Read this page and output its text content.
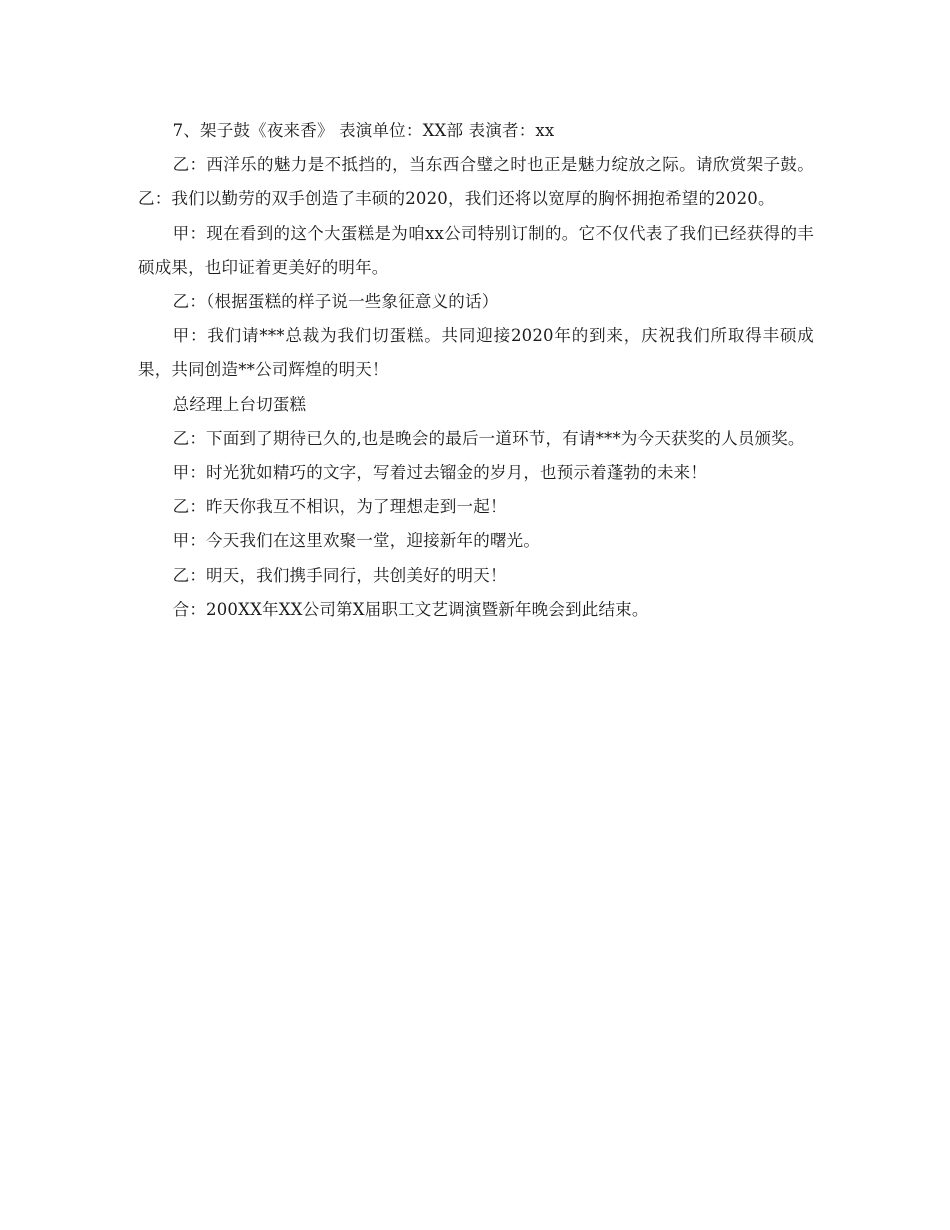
7、架子鼓《夜来香》 表演单位：XX部 表演者：xx

乙：西洋乐的魅力是不抵挡的，当东西合璧之时也正是魅力绽放之际。请欣赏架子鼓。乙：我们以勤劳的双手创造了丰硕的2020，我们还将以宽厚的胸怀拥抱希望的2020。

甲：现在看到的这个大蛋糕是为咱xx公司特别订制的。它不仅代表了我们已经获得的丰硕成果，也印证着更美好的明年。

乙：（根据蛋糕的样子说一些象征意义的话）

甲：我们请***总裁为我们切蛋糕。共同迎接2020年的到来，庆祝我们所取得丰硕成果，共同创造**公司辉煌的明天！

总经理上台切蛋糕

乙：下面到了期待已久的,也是晚会的最后一道环节，有请***为今天获奖的人员颁奖。

甲：时光犹如精巧的文字，写着过去镏金的岁月，也预示着蓬勃的未来！

乙：昨天你我互不相识，为了理想走到一起！

甲：今天我们在这里欢聚一堂，迎接新年的曙光。

乙：明天，我们携手同行，共创美好的明天！

合：200XX年XX公司第X届职工文艺调演暨新年晚会到此结束。
